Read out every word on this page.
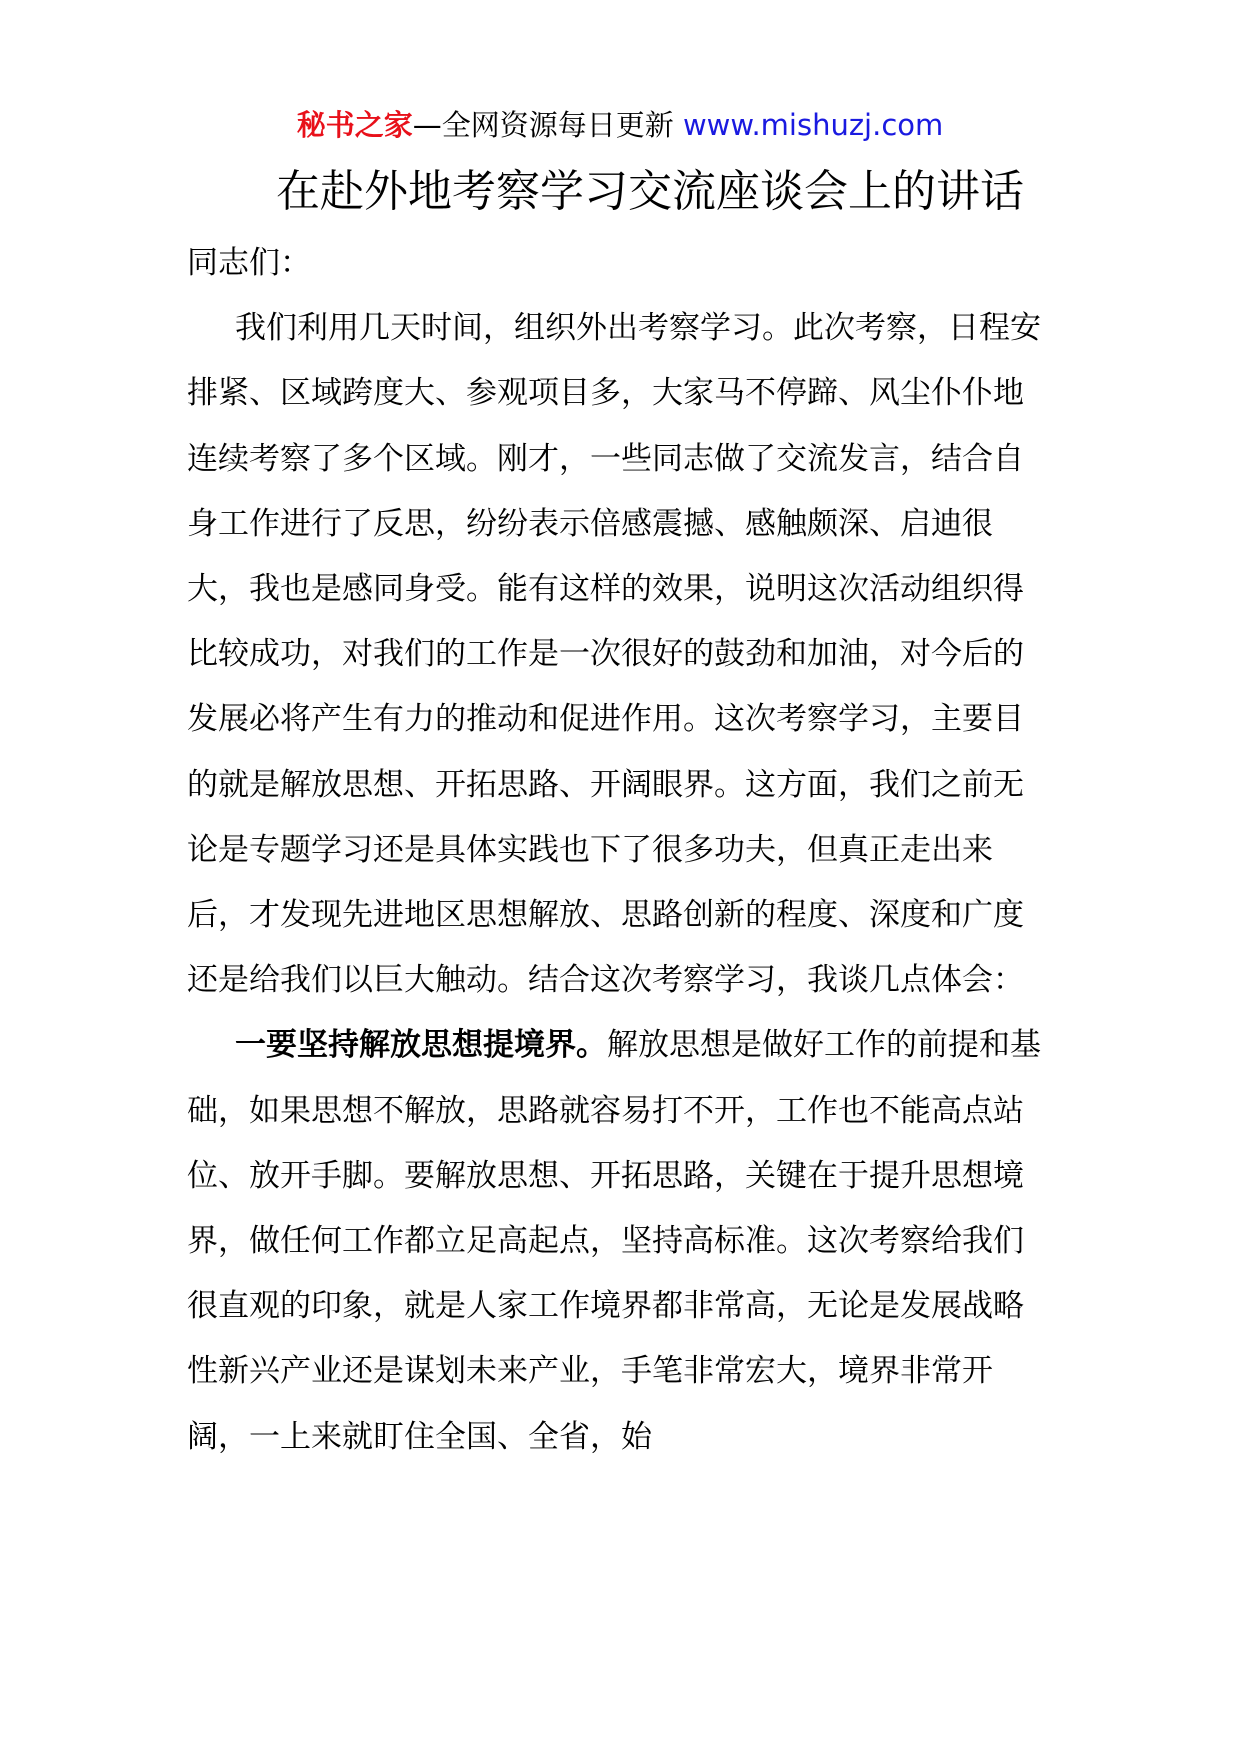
秘书之家—全网资源每日更新 www.mishuzj.com
在赴外地考察学习交流座谈会上的讲话

同志们：

我们利用几天时间，组织外出考察学习。此次考察，日程安排紧、区域跨度大、参观项目多，大家马不停蹄、风尘仆仆地连续考察了多个区域。刚才，一些同志做了交流发言，结合自身工作进行了反思，纷纷表示倍感震撼、感触颇深、启迪很大，我也是感同身受。能有这样的效果，说明这次活动组织得比较成功，对我们的工作是一次很好的鼓劲和加油，对今后的发展必将产生有力的推动和促进作用。这次考察学习，主要目的就是解放思想、开拓思路、开阔眼界。这方面，我们之前无论是专题学习还是具体实践也下了很多功夫，但真正走出来后，才发现先进地区思想解放、思路创新的程度、深度和广度还是给我们以巨大触动。结合这次考察学习，我谈几点体会：

一要坚持解放思想提境界。解放思想是做好工作的前提和基础，如果思想不解放，思路就容易打不开，工作也不能高点站位、放开手脚。要解放思想、开拓思路，关键在于提升思想境界，做任何工作都立足高起点，坚持高标准。这次考察给我们很直观的印象，就是人家工作境界都非常高，无论是发展战略性新兴产业还是谋划未来产业，手笔非常宏大，境界非常开阔，一上来就盯住全国、全省，始
